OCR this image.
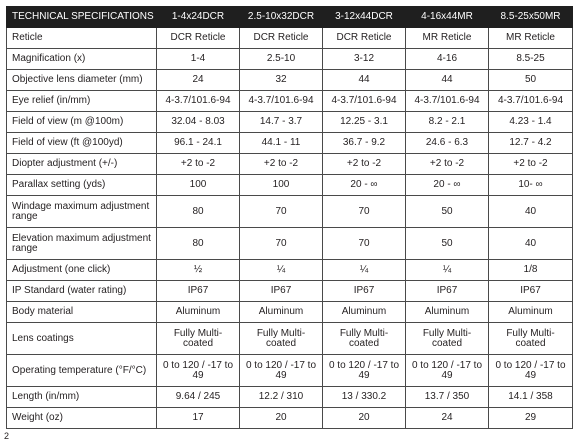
TECHNICAL SPECIFICATIONS	1-4x24DCR	2.5-10x32DCR	3-12x44DCR	4-16x44MR	8.5-25x50MR
Reticle	DCR Reticle	DCR Reticle	DCR Reticle	MR Reticle	MR Reticle
Magnification (x)	1-4	2.5-10	3-12	4-16	8.5-25
Objective lens diameter (mm)	24	32	44	44	50
Eye relief (in/mm)	4-3.7/101.6-94	4-3.7/101.6-94	4-3.7/101.6-94	4-3.7/101.6-94	4-3.7/101.6-94
Field of view (m @100m)	32.04 - 8.03	14.7 - 3.7	12.25 - 3.1	8.2 - 2.1	4.23 - 1.4
Field of view (ft @100yd)	96.1 - 24.1	44.1 - 11	36.7 - 9.2	24.6 - 6.3	12.7 - 4.2
Diopter adjustment (+/-)	+2 to -2	+2 to -2	+2 to -2	+2 to -2	+2 to -2
Parallax setting (yds)	100	100	20 - ∞	20 - ∞	10- ∞
Windage maximum adjustment range	80	70	70	50	40
Elevation maximum adjustment range	80	70	70	50	40
Adjustment (one click)	½	¼	¼	¼	1/8
IP Standard (water rating)	IP67	IP67	IP67	IP67	IP67
Body material	Aluminum	Aluminum	Aluminum	Aluminum	Aluminum
Lens coatings	Fully Multi-coated	Fully Multi-coated	Fully Multi-coated	Fully Multi-coated	Fully Multi-coated
Operating temperature (°F/°C)	0 to 120 / -17 to 49	0 to 120 / -17 to 49	0 to 120 / -17 to 49	0 to 120 / -17 to 49	0 to 120 / -17 to 49
Length (in/mm)	9.64 / 245	12.2 / 310	13 / 330.2	13.7 / 350	14.1 / 358
Weight (oz)	17	20	20	24	29
2
